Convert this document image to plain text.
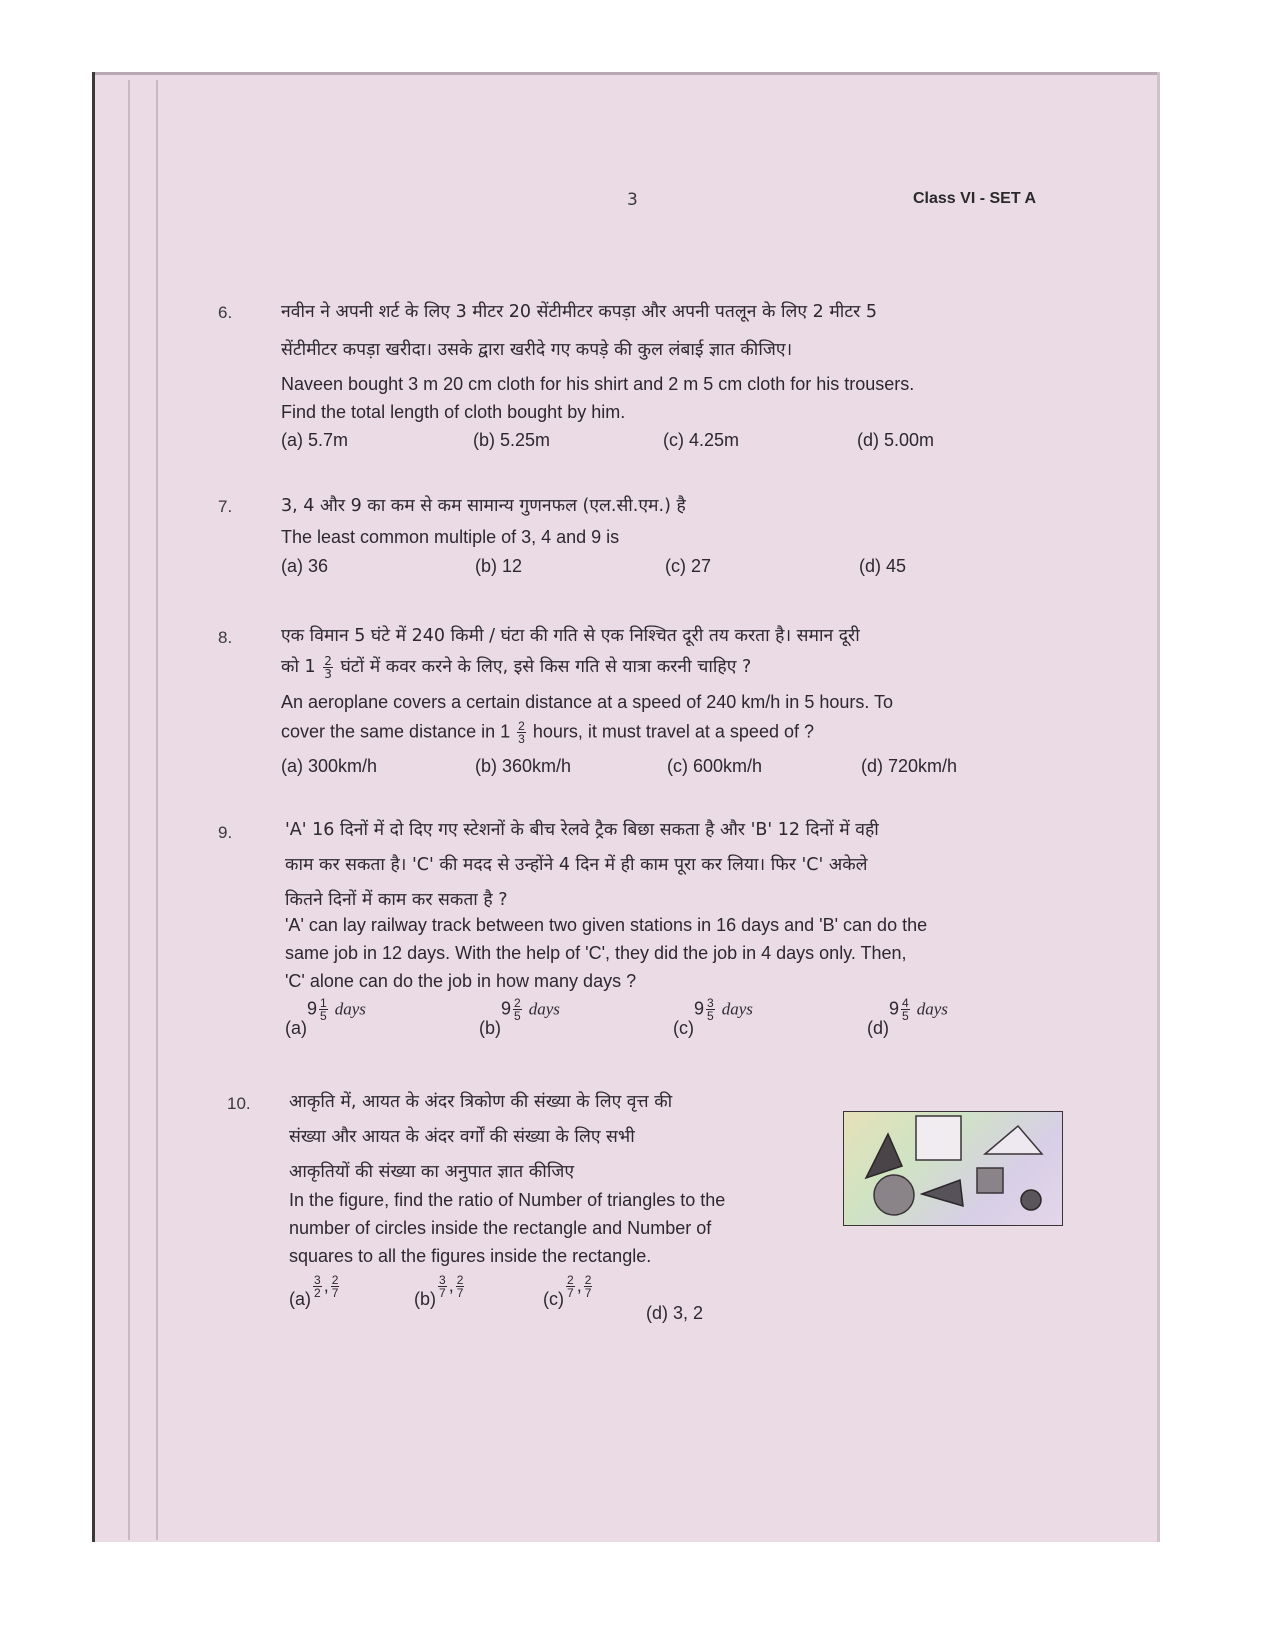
3	Class VI - SET A
6.	नवीन ने अपनी शर्ट के लिए 3 मीटर 20 सेंटीमीटर कपड़ा और अपनी पतलून के लिए 2 मीटर 5
सेंटीमीटर कपड़ा खरीदा। उसके द्वारा खरीदे गए कपड़े की कुल लंबाई ज्ञात कीजिए।
Naveen bought 3 m 20 cm cloth for his shirt and 2 m 5 cm cloth for his trousers.
Find the total length of cloth bought by him.
(a) 5.7m	(b) 5.25m	(c) 4.25m	(d) 5.00m
7.	3, 4 और 9 का कम से कम सामान्य गुणनफल (एल.सी.एम.) है
The least common multiple of 3, 4 and 9 is
(a) 36	(b) 12	(c) 27	(d) 45
8.	एक विमान 5 घंटे में 240 किमी / घंटा की गति से एक निश्चित दूरी तय करता है। समान दूरी
को $1 \frac{2}{3}$ घंटों में कवर करने के लिए, इसे किस गति से यात्रा करनी चाहिए ?
An aeroplane covers a certain distance at a speed of 240 km/h in 5 hours. To
cover the same distance in $1 \frac{2}{3}$ hours, it must travel at a speed of ?
(a) 300km/h	(b) 360km/h	(c) 600km/h	(d) 720km/h
9.	'A' 16 दिनों में दो दिए गए स्टेशनों के बीच रेलवे ट्रैक बिछा सकता है और 'B' 12 दिनों में वही
काम कर सकता है। 'C' की मदद से उन्होंने 4 दिन में ही काम पूरा कर लिया। फिर 'C' अकेले
कितने दिनों में काम कर सकता है ?
'A' can lay railway track between two given stations in 16 days and 'B' can do the
same job in 12 days. With the help of 'C', they did the job in 4 days only. Then,
'C' alone can do the job in how many days ?
$(a)9 \frac{1}{5}$ days
$(b)9 \frac{2}{5}$ days
$(c)9 \frac{3}{5}$ days
$(d)9 \frac{4}{5}$ days
10. आकृति में, आयत के अंदर त्रिकोण की संख्या के लिए वृत्त की
संख्या और आयत के अंदर वर्गों की संख्या के लिए सभी
आकृतियों की संख्या का अनुपात ज्ञात कीजिए
In the figure, find the ratio of Number of triangles to the
number of circles inside the rectangle and Number of
squares to all the figures inside the rectangle.
(a)
$\frac{3}{2}$ , $\frac{2}{7}$
(b)
$\frac{3}{7}$ , $\frac{2}{7}$
(c)
$\frac{2}{7}$ , $\frac{2}{7}$
(d) 3, 2
